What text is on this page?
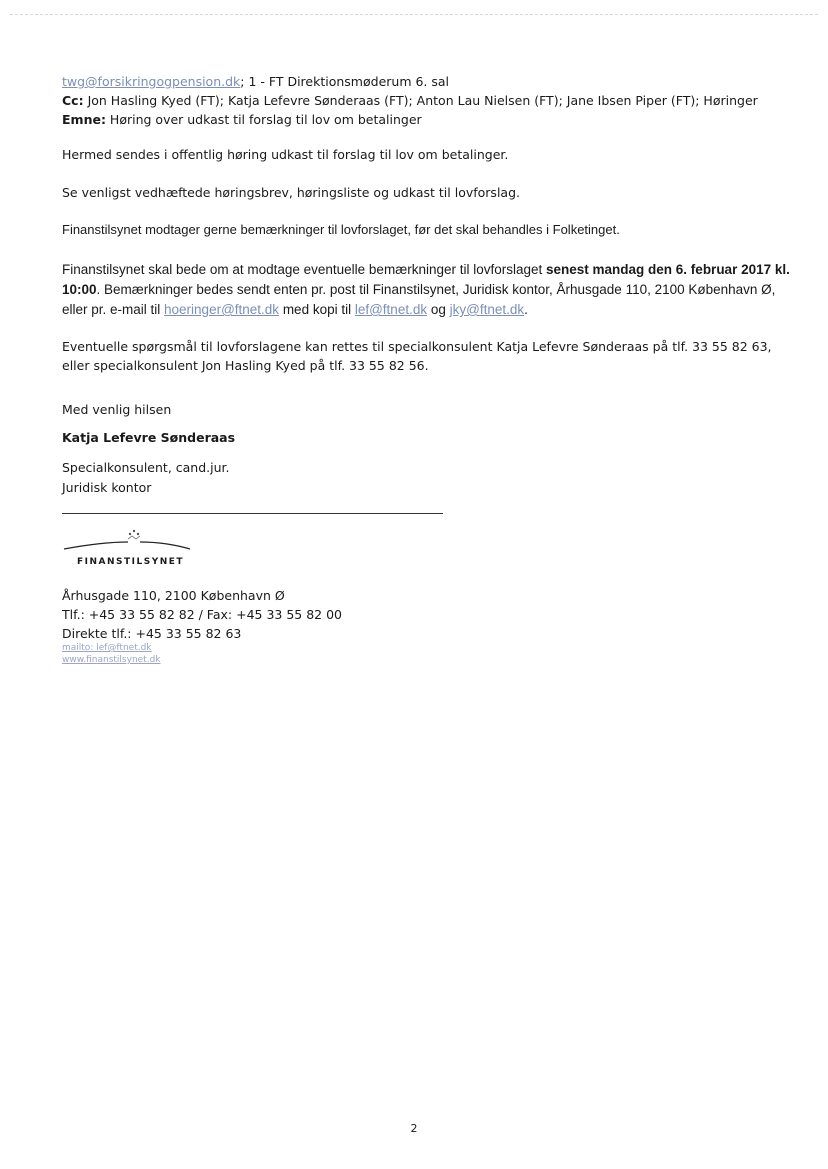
twg@forsikringogpension.dk; 1 - FT Direktionsmøderum 6. sal
Cc: Jon Hasling Kyed (FT); Katja Lefevre Sønderaas (FT); Anton Lau Nielsen (FT); Jane Ibsen Piper (FT); Høringer
Emne: Høring over udkast til forslag til lov om betalinger
Hermed sendes i offentlig høring udkast til forslag til lov om betalinger.
Se venligst vedhæftede høringsbrev, høringsliste og udkast til lovforslag.
Finanstilsynet modtager gerne bemærkninger til lovforslaget, før det skal behandles i Folketinget.
Finanstilsynet skal bede om at modtage eventuelle bemærkninger til lovforslaget senest mandag den 6. februar 2017 kl. 10:00. Bemærkninger bedes sendt enten pr. post til Finanstilsynet, Juridisk kontor, Århusgade 110, 2100 København Ø, eller pr. e-mail til hoeringer@ftnet.dk med kopi til lef@ftnet.dk og jky@ftnet.dk.
Eventuelle spørgsmål til lovforslagene kan rettes til specialkonsulent Katja Lefevre Sønderaas på tlf. 33 55 82 63, eller specialkonsulent Jon Hasling Kyed på tlf. 33 55 82 56.
Med venlig hilsen
Katja Lefevre Sønderaas
Specialkonsulent, cand.jur.
Juridisk kontor
FINANSTILSYNET
Århusgade 110, 2100 København Ø
Tlf.: +45 33 55 82 82 / Fax: +45 33 55 82 00
Direkte tlf.: +45 33 55 82 63
mailto: lef@ftnet.dk
www.finanstilsynet.dk
2
